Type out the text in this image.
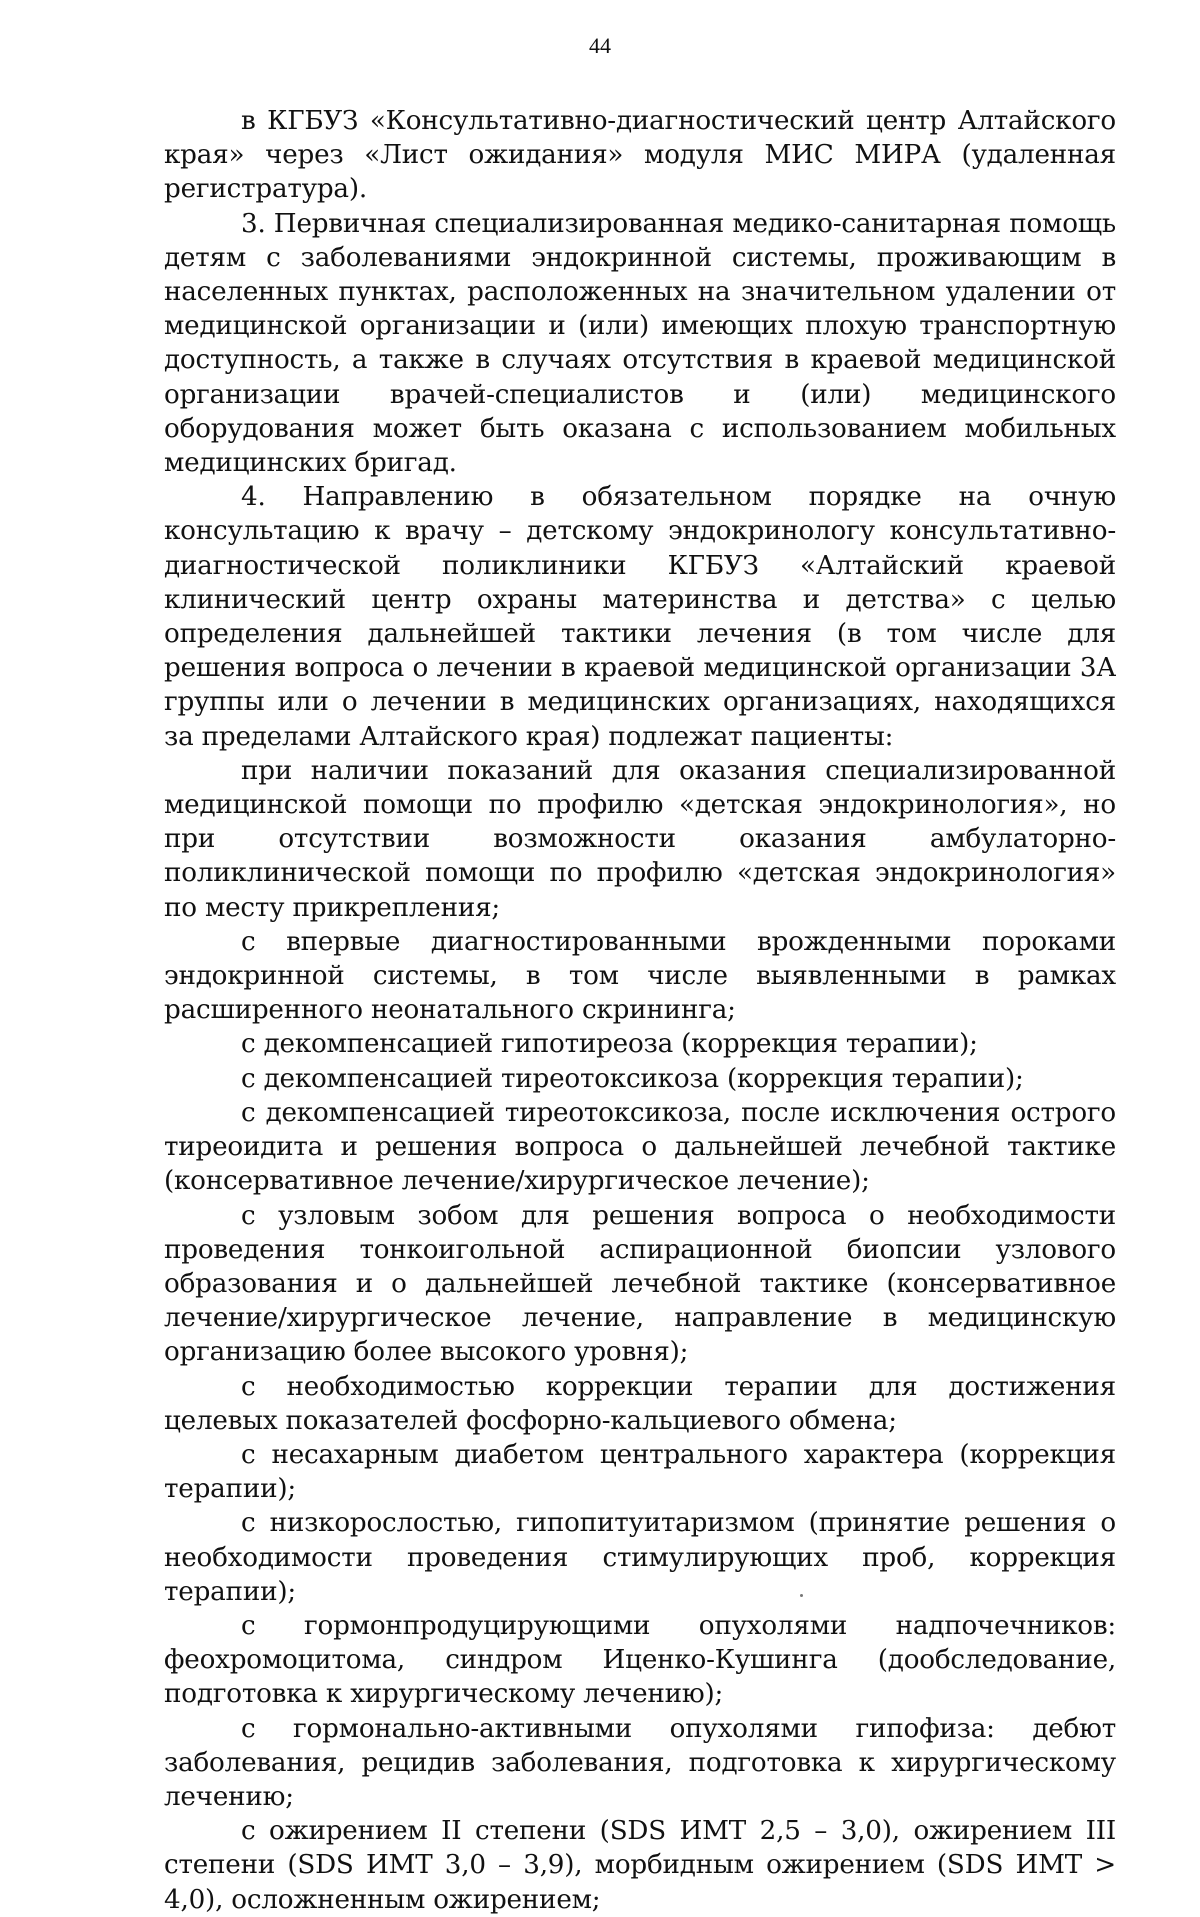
44

в КГБУЗ «Консультативно-диагностический центр Алтайского края» через «Лист ожидания» модуля МИС МИРА (удаленная регистратура).

3. Первичная специализированная медико-санитарная помощь детям с заболеваниями эндокринной системы, проживающим в населенных пунктах, расположенных на значительном удалении от медицинской организации и (или) имеющих плохую транспортную доступность, а также в случаях отсутствия в краевой медицинской организации врачей-специалистов и (или) медицинского оборудования может быть оказана с использованием мобильных медицинских бригад.

4. Направлению в обязательном порядке на очную консультацию к врачу – детскому эндокринологу консультативно-диагностической поликлиники КГБУЗ «Алтайский краевой клинический центр охраны материнства и детства» с целью определения дальнейшей тактики лечения (в том числе для решения вопроса о лечении в краевой медицинской организации 3А группы или о лечении в медицинских организациях, находящихся за пределами Алтайского края) подлежат пациенты:

при наличии показаний для оказания специализированной медицинской помощи по профилю «детская эндокринология», но при отсутствии возможности оказания амбулаторно-поликлинической помощи по профилю «детская эндокринология» по месту прикрепления;

с впервые диагностированными врожденными пороками эндокринной системы, в том числе выявленными в рамках расширенного неонатального скрининга;

с декомпенсацией гипотиреоза (коррекция терапии);

с декомпенсацией тиреотоксикоза (коррекция терапии);

с декомпенсацией тиреотоксикоза, после исключения острого тиреоидита и решения вопроса о дальнейшей лечебной тактике (консервативное лечение/хирургическое лечение);

с узловым зобом для решения вопроса о необходимости проведения тонкоигольной аспирационной биопсии узлового образования и о дальнейшей лечебной тактике (консервативное лечение/хирургическое лечение, направление в медицинскую организацию более высокого уровня);

с необходимостью коррекции терапии для достижения целевых показателей фосфорно-кальциевого обмена;

с несахарным диабетом центрального характера (коррекция терапии);

с низкорослостью, гипопитуитаризмом (принятие решения о необходимости проведения стимулирующих проб, коррекция терапии);

с гормонпродуцирующими опухолями надпочечников: феохромоцитома, синдром Иценко-Кушинга (дообследование, подготовка к хирургическому лечению);

с гормонально-активными опухолями гипофиза: дебют заболевания, рецидив заболевания, подготовка к хирургическому лечению;

с ожирением II степени (SDS ИМТ 2,5 – 3,0), ожирением III степени (SDS ИМТ 3,0 – 3,9), морбидным ожирением (SDS ИМТ > 4,0), осложненным ожирением;
